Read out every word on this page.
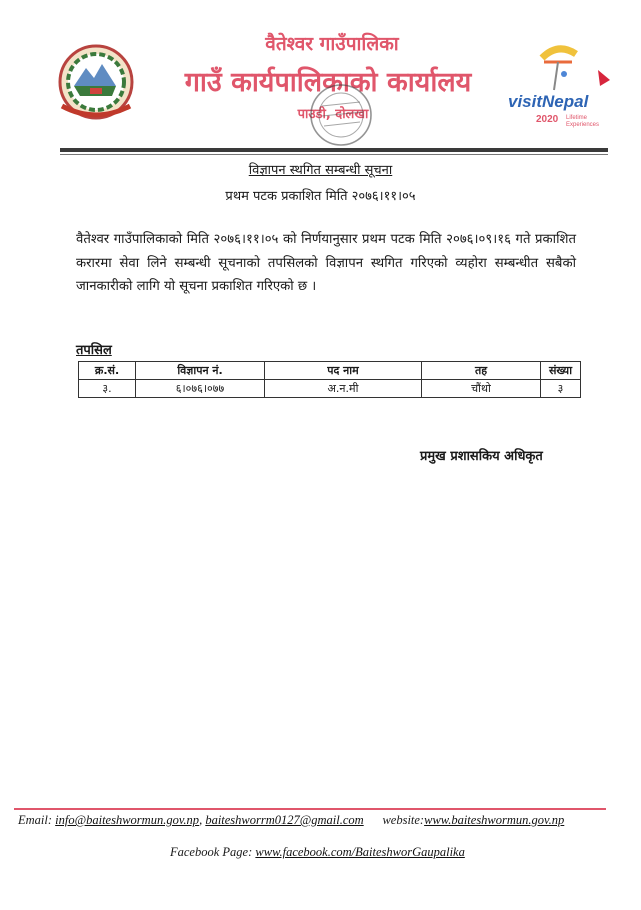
वैतेश्वर गाउँपालिका
गाउँ कार्यपालिकाको कार्यालय
पाउडी, दोलखा
visitNepal
2020 Lifetime
Experiences
विज्ञापन स्थगित सम्बन्धी सूचना
प्रथम पटक प्रकाशित मिति २०७६।११।०५
वैतेश्वर गाउँपालिकाको मिति २०७६।११।०५ को निर्णयानुसार प्रथम पटक मिति २०७६।०९।१६ गते प्रकाशित करारमा सेवा लिने सम्बन्धी सूचनाको तपसिलको विज्ञापन स्थगित गरिएको व्यहोरा सम्बन्धीत सबैको जानकारीको लागि यो सूचना प्रकाशित गरिएको छ ।
तपसिल
क्र.सं.	विज्ञापन नं.	पद नाम	तह	संख्या
३.	६।०७६।०७७	अ.न.मी	चौंथो	३
प्रमुख प्रशासकिय अधिकृत
Email: info@baiteshwormun.gov.np, baiteshworrm0127@gmail.com website:www.baiteshwormun.gov.np
Facebook Page: www.facebook.com/BaiteshworGaupalika
